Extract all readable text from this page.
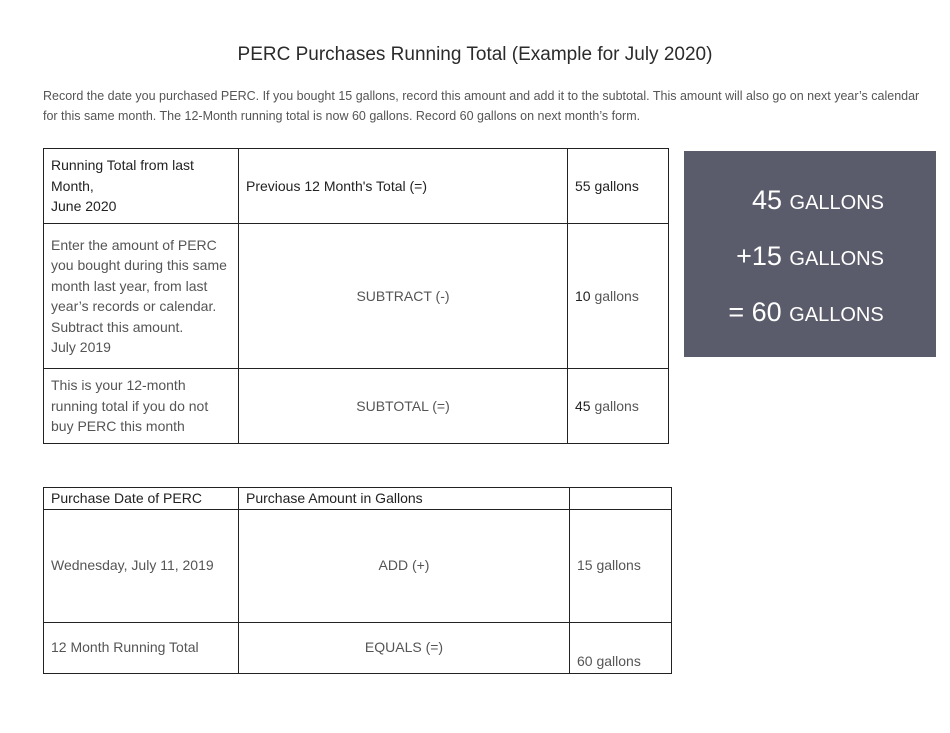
PERC Purchases Running Total (Example for July 2020)
Record the date you purchased PERC. If you bought 15 gallons, record this amount and add it to the subtotal. This amount will also go on next year’s calendar for this same month. The 12-Month running total is now 60 gallons. Record 60 gallons on next month’s form.
Running Total from last
Month,
June 2020	Previous 12 Month's Total (=)	55 gallons

Enter the amount of PERC you bought during this same month last year, from last year’s records or calendar. Subtract this amount.
July 2019	SUBTRACT (-)	10 gallons

This is your 12-month running total if you do not buy PERC this month	SUBTOTAL (=)	45 gallons
45 GALLONS
+15 GALLONS
= 60 GALLONS
Purchase Date of PERC	Purchase Amount in Gallons	
Wednesday, July 11, 2019	ADD (+)	15 gallons
12 Month Running Total	EQUALS (=)	60 gallons
